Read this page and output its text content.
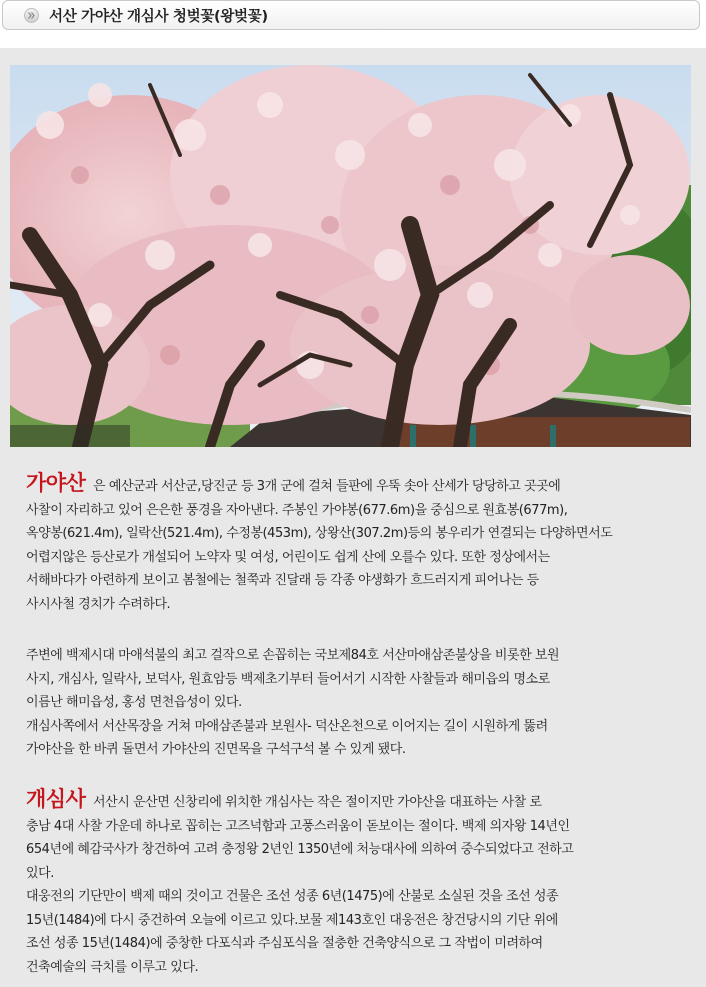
서산 가야산 개심사 청벚꽃(왕벚꽃)

가야산 은 예산군과 서산군,당진군 등 3개 군에 걸쳐 들판에 우뚝 솟아 산세가 당당하고 곳곳에

사찰이 자리하고 있어 은은한 풍경을 자아낸다. 주봉인 가야봉(677.6m)을 중심으로 원효봉(677m),

옥양봉(621.4m), 일락산(521.4m), 수정봉(453m), 상왕산(307.2m)등의 봉우리가 연결되는 다양하면서도

어렵지않은 등산로가 개설되어 노약자 및 여성, 어린이도 쉽게 산에 오를수 있다. 또한 정상에서는

서해바다가 아련하게 보이고 봄철에는 철쭉과 진달래 등 각종 야생화가 흐드러지게 피어나는 등

사시사철 경치가 수려하다.

주변에 백제시대 마애석불의 최고 걸작으로 손꼽히는 국보제84호 서산마애삼존불상을 비롯한 보원

사지, 개심사, 일락사, 보덕사, 원효암등 백제초기부터 들어서기 시작한 사찰들과 해미읍의 명소로

이름난 해미읍성, 홍성 면천읍성이 있다.

개심사쪽에서 서산목장을 거쳐 마애삼존불과 보원사- 덕산온천으로 이어지는 길이 시원하게 뚫려

가야산을 한 바퀴 돌면서 가야산의 진면목을 구석구석 볼 수 있게 됐다.

개심사 서산시 운산면 신창리에 위치한 개심사는 작은 절이지만 가야산을 대표하는 사찰 로

충남 4대 사찰 가운데 하나로 꼽히는 고즈넉함과 고풍스러움이 돋보이는 절이다. 백제 의자왕 14년인

654년에 혜감국사가 창건하여 고려 충정왕 2년인 1350년에 처능대사에 의하여 중수되었다고 전하고

있다.

대웅전의 기단만이 백제 때의 것이고 건물은 조선 성종 6년(1475)에 산불로 소실된 것을 조선 성종

15년(1484)에 다시 중건하여 오늘에 이르고 있다.보물 제143호인 대웅전은 창건당시의 기단 위에

조선 성종 15년(1484)에 중창한 다포식과 주심포식을 절충한 건축양식으로 그 작법이 미려하여

건축예술의 극치를 이루고 있다.
